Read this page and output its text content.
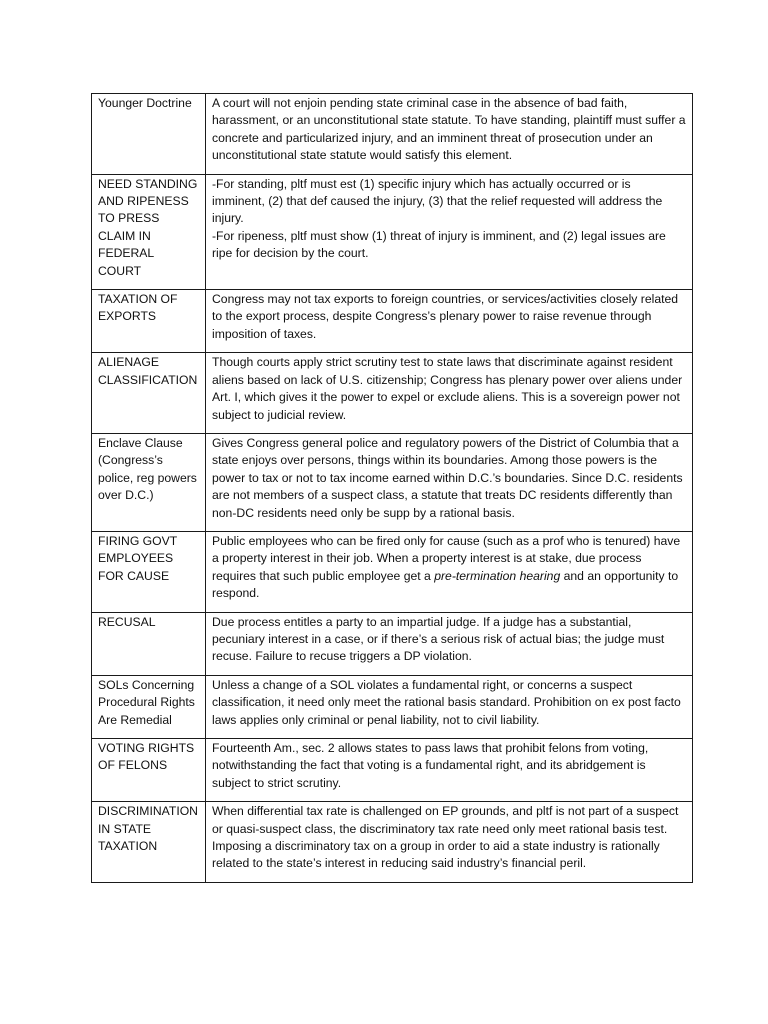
Younger Doctrine	A court will not enjoin pending state criminal case in the absence of bad faith, harassment, or an unconstitutional state statute. To have standing, plaintiff must suffer a concrete and particularized injury, and an imminent threat of prosecution under an unconstitutional state statute would satisfy this element.

NEED STANDING AND RIPENESS TO PRESS CLAIM IN FEDERAL COURT	-For standing, pltf must est (1) specific injury which has actually occurred or is imminent, (2) that def caused the injury, (3) that the relief requested will address the injury.
-For ripeness, pltf must show (1) threat of injury is imminent, and (2) legal issues are ripe for decision by the court.

TAXATION OF EXPORTS	Congress may not tax exports to foreign countries, or services/activities closely related to the export process, despite Congress’s plenary power to raise revenue through imposition of taxes.

ALIENAGE CLASSIFICATION	Though courts apply strict scrutiny test to state laws that discriminate against resident aliens based on lack of U.S. citizenship; Congress has plenary power over aliens under Art. I, which gives it the power to expel or exclude aliens. This is a sovereign power not subject to judicial review.

Enclave Clause (Congress’s police, reg powers over D.C.)	Gives Congress general police and regulatory powers of the District of Columbia that a state enjoys over persons, things within its boundaries. Among those powers is the power to tax or not to tax income earned within D.C.’s boundaries. Since D.C. residents are not members of a suspect class, a statute that treats DC residents differently than non-DC residents need only be supp by a rational basis.

FIRING GOVT EMPLOYEES FOR CAUSE	Public employees who can be fired only for cause (such as a prof who is tenured) have a property interest in their job. When a property interest is at stake, due process requires that such public employee get a pre-termination hearing and an opportunity to respond.

RECUSAL	Due process entitles a party to an impartial judge. If a judge has a substantial, pecuniary interest in a case, or if there’s a serious risk of actual bias; the judge must recuse. Failure to recuse triggers a DP violation.

SOLs Concerning Procedural Rights Are Remedial	Unless a change of a SOL violates a fundamental right, or concerns a suspect classification, it need only meet the rational basis standard. Prohibition on ex post facto laws applies only criminal or penal liability, not to civil liability.

VOTING RIGHTS OF FELONS	Fourteenth Am., sec. 2 allows states to pass laws that prohibit felons from voting, notwithstanding the fact that voting is a fundamental right, and its abridgement is subject to strict scrutiny.

DISCRIMINATION IN STATE TAXATION	When differential tax rate is challenged on EP grounds, and pltf is not part of a suspect or quasi-suspect class, the discriminatory tax rate need only meet rational basis test. Imposing a discriminatory tax on a group in order to aid a state industry is rationally related to the state’s interest in reducing said industry’s financial peril.
